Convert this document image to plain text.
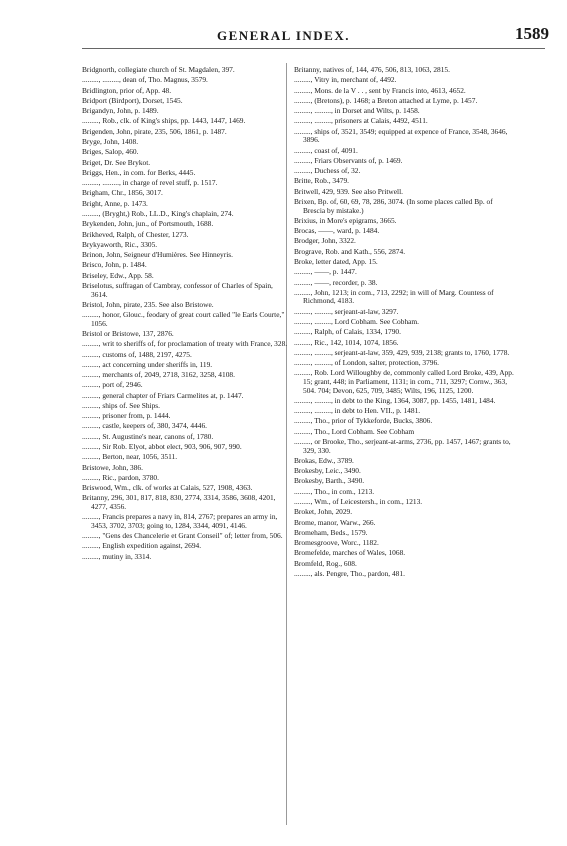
GENERAL INDEX.	1589

Bridgnorth, collegiate church of St. Magdalen, 397.

........., ........., dean of, Tho. Magnus, 3579.

Bridlington, prior of, App. 48.

Bridport (Birdport), Dorset, 1545.

Brigandyn, John, p. 1489.

........., Rob., clk. of King's ships, pp. 1443, 1447, 1469.

Brigenden, John, pirate, 235, 506, 1861, p. 1487.

Bryge, John, 1408.

Briges, Salop, 460.

Briget, Dr. See Brykot.

Briggs, Hen., in com. for Berks, 4445.

........., ........., in charge of revel stuff, p. 1517.

Brigham, Chr., 1856, 3017.

Bright, Anne, p. 1473.

........., (Bryght,) Rob., LL.D., King's chaplain, 274.

Brykenden, John, jun., of Portsmouth, 1688.

Brikheved, Ralph, of Chester, 1273.

Brykyaworth, Ric., 3305.

Brinon, John, Seigneur d'Humières. See Hinneyris.

Brisco, John, p. 1484.

Briseley, Edw., App. 58.

Briselotus, suffragan of Cambray, confessor of Charles of Spain, 3614.

Bristol, John, pirate, 235. See also Bristowe.

........., honor, Glouc., feodary of great court called "le Earls Courte," 1056.

Bristol or Bristowe, 137, 2876.

........., writ to sheriffs of, for proclamation of treaty with France, 328.

........., customs of, 1488, 2197, 4275.

........., act concerning under sheriffs in, 119.

........., merchants of, 2049, 2718, 3162, 3258, 4108.

........., port of, 2946.

........., general chapter of Friars Carmelites at, p. 1447.

........., ships of. See Ships.

........., prisoner from, p. 1444.

........., castle, keepers of, 380, 3474, 4446.

........., St. Augustine's near, canons of, 1780.

........., Sir Rob. Elyot, abbot elect, 903, 906, 907, 990.

........., Berton, near, 1056, 3511.

Bristowe, John, 386.

........., Ric., pardon, 3780.

Briswood, Wm., clk. of works at Calais, 527, 1908, 4363.

Britanny, 296, 301, 817, 818, 830, 2774, 3314, 3586, 3608, 4201, 4277, 4356.

........., Francis prepares a navy in, 814, 2767; prepares an army in, 3453, 3702, 3703; going to, 1284, 3344, 4091, 4146.

........., "Gens des Chancelerie et Grant Conseil" of; letter from, 506.

........., English expedition against, 2694.

........., mutiny in, 3314.

Britanny, natives of, 144, 476, 506, 813, 1063, 2815.

........., Vitry in, merchant of, 4492.

........., Mons. de la V . . , sent by Francis into, 4613, 4652.

........., (Bretons), p. 1468; a Breton attached at Lyme, p. 1457.

........., ........., in Dorset and Wilts, p. 1458.

........., ........., prisoners at Calais, 4492, 4511.

........., ships of, 3521, 3549; equipped at expence of France, 3548, 3646, 3896.

........., coast of, 4091.

........., Friars Observants of, p. 1469.

........., Duchess of, 32.

Britte, Rob., 3479.

Britwell, 429, 939. See also Pritwell.

Brixen, Bp. of, 60, 69, 78, 286, 3074. (In some places called Bp. of Brescia by mistake.)

Brixius, in More's epigrams, 3665.

Brocas, ——, ward, p. 1484.

Brodger, John, 3322.

Brograve, Rob. and Kath., 556, 2874.

Broke, letter dated, App. 15.

........., ——, p. 1447.

........., ——, recorder, p. 38.

........., John, 1213; in com., 713, 2292; in will of Marg. Countess of Richmond, 4183.

........., ........., serjeant-at-law, 3297.

........., ........., Lord Cobham. See Cobham.

........., Ralph, of Calais, 1334, 1790.

........., Ric., 142, 1014, 1074, 1856.

........., ........., serjeant-at-law, 359, 429, 939, 2138; grants to, 1760, 1778.

........., ........., of London, salter, protection, 3796.

........., Rob. Lord Willoughby de, commonly called Lord Broke, 439, App. 15; grant, 448; in Parliament, 1131; in com., 711, 3297; Cornw., 363, 504. 704; Devon, 625, 709, 3485; Wilts, 196, 1125, 1200.

........., ........., in debt to the King, 1364, 3087, pp. 1455, 1481, 1484.

........., ........., in debt to Hen. VII., p. 1481.

........., Tho., prior of Tykkeforde, Bucks, 3806.

........., Tho., Lord Cobham. See Cobham

........., or Brooke, Tho., serjeant-at-arms, 2736, pp. 1457, 1467; grants to, 329, 330.

Brokas, Edw., 3789.

Brokesby, Leic., 3490.

Brokesby, Barth., 3490.

........., Tho., in com., 1213.

........., Wm., of Leicestersh., in com., 1213.

Broket, John, 2029.

Brome, manor, Warw., 266.

Bromeham, Beds., 1579.

Bromesgroove, Worc., 1182.

Bromefelde, marches of Wales, 1068.

Bromfeld, Rog., 608.

........., als. Pengre, Tho., pardon, 481.
